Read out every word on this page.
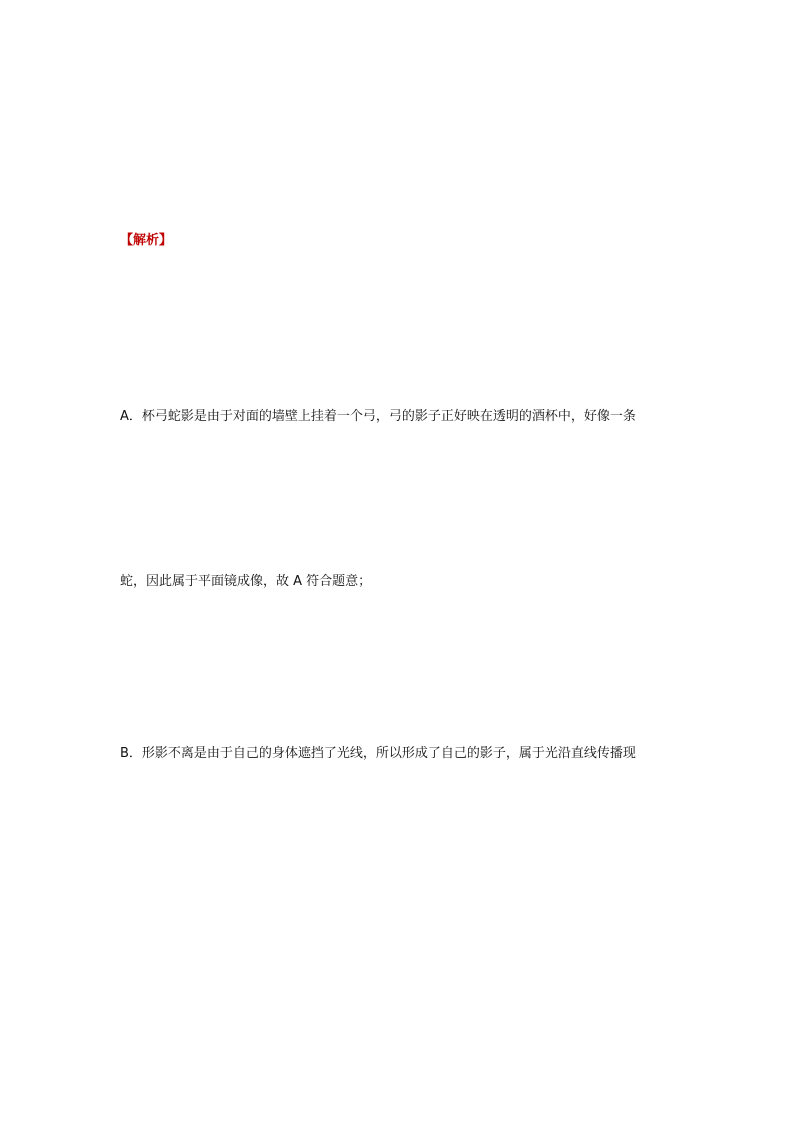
【解析】
A．杯弓蛇影是由于对面的墙壁上挂着一个弓，弓的影子正好映在透明的酒杯中，好像一条
蛇，因此属于平面镜成像，故 A 符合题意；
B．形影不离是由于自己的身体遮挡了光线，所以形成了自己的影子，属于光沿直线传播现
